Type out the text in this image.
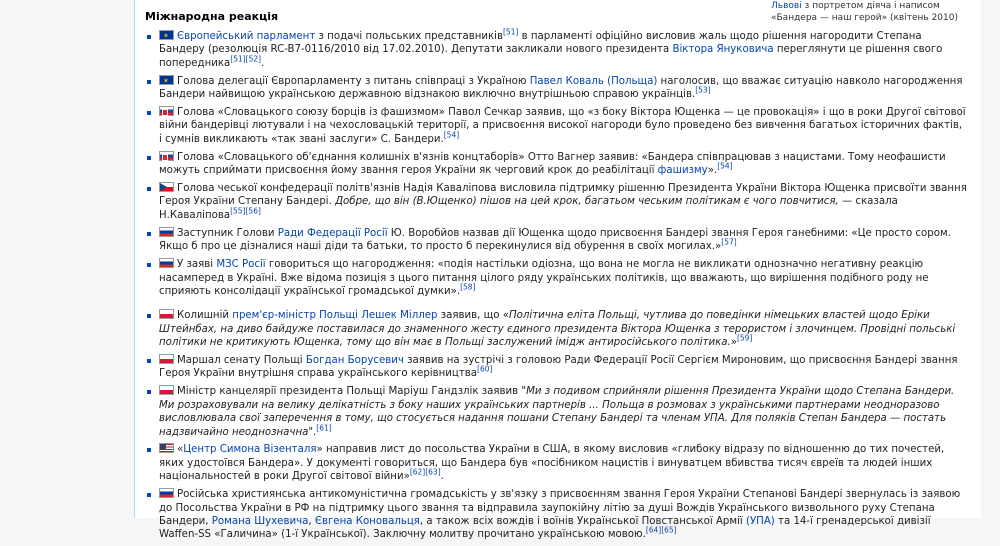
Львові з портретом діяча і написом «Бандера — наш герой» (квітень 2010)
Міжнародна реакція
✶Європейський парламент з подачі польських представників[51] в парламенті офіційно висловив жаль щодо рішення нагородити Степана Бандеру (резолюція RC-B7-0116/2010 від 17.02.2010). Депутати закликали нового президента Віктора Януковича переглянути це рішення свого попередника[51][52].
✶Голова делегації Європарламенту з питань співпраці з Україною Павел Коваль (Польща) наголосив, що вважає ситуацію навколо нагородження Бандери найвищою українською державною відзнакою виключно внутрішньою справою українців.[53]
Голова «Словацького союзу борців із фашизмом» Павол Сечкар заявив, що «з боку Віктора Ющенка — це провокація» і що в роки Другої світової війни бандерівці лютували і на чехословацькій території, а присвоєння високої нагороди було проведено без вивчення багатьох історичних фактів, і сумнів викликають «так звані заслуги» С. Бандери.[54]
Голова «Словацького об'єднання колишніх в'язнів концтаборів» Отто Вагнер заявив: «Бандера співпрацював з нацистами. Тому неофашисти можуть сприймати присвоєння йому звання героя України як черговий крок до реабілітації фашизму».[54]
Голова чеської конфедерації політв'язнів Надія Каваліпова висловила підтримку рішенню Президента України Віктора Ющенка присвоїти звання Героя України Степану Бандері. Добре, що він (В.Ющенко) пішов на цей крок, багатьом чеським політикам є чого повчитися, — сказала Н.Каваліпова[55][56]
Заступник Голови Ради Федерації Росії Ю. Воробйов назвав дії Ющенка щодо присвоєння Бандері звання Героя ганебними: «Це просто сором. Якщо б про це дізналися наші діди та батьки, то просто б перекинулися від обурення в своїх могилах.»[57]
У заяві МЗС Росії говориться що нагородження: «подія настільки одіозна, що вона не могла не викликати однозначно негативну реакцію насамперед в Україні. Вже відома позиція з цього питання цілого ряду українських політиків, що вважають, що вирішення подібного роду не сприяють консолідації української громадської думки».[58]
Колишній прем'єр-міністр Польщі Лешек Міллер заявив, що «Політична еліта Польщі, чутлива до поведінки німецьких властей щодо Еріки Штейнбах, на диво байдуже поставилася до знаменного жесту єдиного президента Віктора Ющенка з терористом і злочинцем. Провідні польські політики не критикують Ющенка, тому що він має в Польщі заслужений імідж антиросійського політика.»[59]
Маршал сенату Польщі Богдан Борусевич заявив на зустрічі з головою Ради Федерації Росії Сергієм Мироновим, що присвоєння Бандері звання Героя України внутрішня справа українського керівництва[60]
Міністр канцелярії президента Польщі Маріуш Гандзлік заявив "Ми з подивом сприйняли рішення Президента України щодо Степана Бандери. Ми розраховували на велику делікатність з боку наших українських партнерів ... Польща в розмовах з українськими партнерами неодноразово висловлювала свої заперечення в тому, що стосується надання пошани Степану Бандері та членам УПА. Для поляків Степан Бандера — постать надзвичайно неоднозначна".[61]
«Центр Симона Візенталя» направив лист до посольства України в США, в якому висловив «глибоку відразу по відношенню до тих почестей, яких удостоївся Бандера». У документі говориться, що Бандера був «посібником нацистів і винуватцем вбивства тисяч євреїв та людей інших національностей в роки Другої світової війни»[62][63].
Російська християнська антикомуністична громадськість у зв'язку з присвоєнням звання Героя України Степанові Бандері звернулась із заявою до Посольства України в РФ на підтримку цього звання та відправила заупокійну літію за душі Вождів Українського визвольного руху Степана Бандери, Романа Шухевича, Євгена Коновальця, а також всіх вождів і воїнів Української Повстанської Армії (УПА) та 14-ї гренадерської дивізії Waffen-SS «Галичина» (1-ї Української). Заключну молитву прочитано українською мовою.[64][65]
